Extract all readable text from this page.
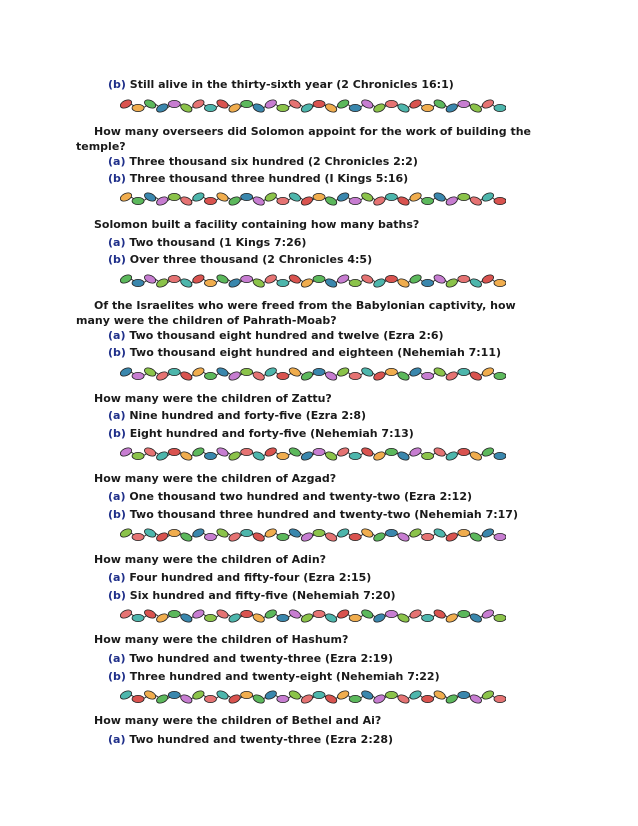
(b) Still alive in the thirty-sixth year (2 Chronicles 16:1)
How many overseers did Solomon appoint for the work of building the temple?
(a) Three thousand six hundred (2 Chronicles 2:2)
(b) Three thousand three hundred (I Kings 5:16)
Solomon built a facility containing how many baths?
(a) Two thousand (1 Kings 7:26)
(b) Over three thousand (2 Chronicles 4:5)
Of the Israelites who were freed from the Babylonian captivity, how many were the children of Pahrath-Moab?
(a) Two thousand eight hundred and twelve (Ezra 2:6)
(b) Two thousand eight hundred and eighteen (Nehemiah 7:11)
How many were the children of Zattu?
(a) Nine hundred and forty-five (Ezra 2:8)
(b) Eight hundred and forty-five (Nehemiah 7:13)
How many were the children of Azgad?
(a) One thousand two hundred and twenty-two (Ezra 2:12)
(b) Two thousand three hundred and twenty-two (Nehemiah 7:17)
How many were the children of Adin?
(a) Four hundred and fifty-four (Ezra 2:15)
(b) Six hundred and fifty-five (Nehemiah 7:20)
How many were the children of Hashum?
(a) Two hundred and twenty-three (Ezra 2:19)
(b) Three hundred and twenty-eight (Nehemiah 7:22)
How many were the children of Bethel and Ai?
(a) Two hundred and twenty-three (Ezra 2:28)
